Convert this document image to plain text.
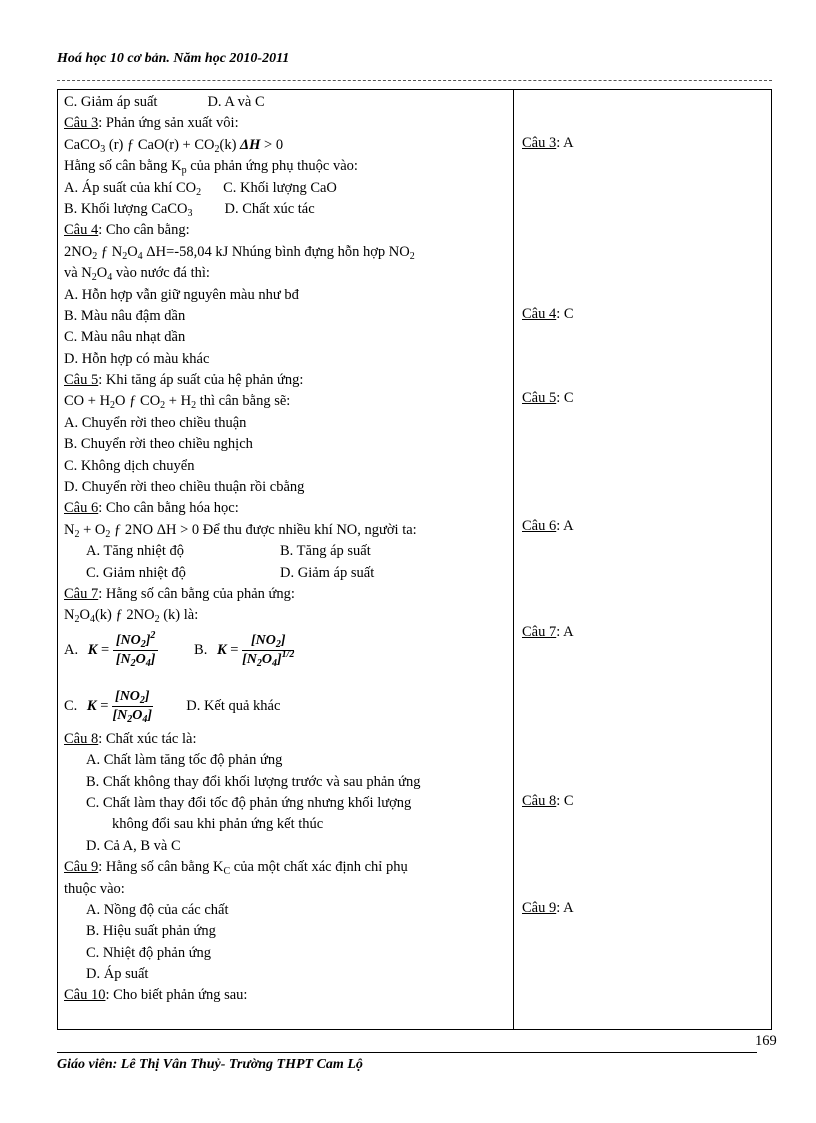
Hoá học 10 cơ bản. Năm học 2010-2011
C. Giảm áp suất	D. A và C
Câu 3: Phản ứng sản xuất vôi:
CaCO$_3$ (r) ƒ $CaO(r) + CO_2(k) \Delta H > 0$
Hằng số cân bằng $K_p$ của phản ứng phụ thuộc vào:
A. Áp suất của khí $CO_2$ C. Khối lượng CaO
B. Khối lượng CaCO$_3$ D. Chất xúc tác
Câu 4: Cho cân bằng:
$2NO_2$ ƒ $N_2O_4$ ΔH=-58,04 kJ Nhúng bình đựng hỗn hợp $NO_2$
và $N_2O_4$ vào nước đá thì:
A. Hỗn hợp vẫn giữ nguyên màu như bđ
B. Màu nâu đậm dần
C. Màu nâu nhạt dần
D. Hỗn hợp có màu khác
Câu 5: Khi tăng áp suất của hệ phản ứng:
CO + $H_2O$ ƒ $CO_2 + H_2$ thì cân bằng sẽ:
A. Chuyển rời theo chiều thuận
B. Chuyển rời theo chiều nghịch
C. Không dịch chuyển
D. Chuyển rời theo chiều thuận rồi cbằng
Câu 6: Cho cân bằng hóa học:
$N_2 + O_2$ ƒ 2NO ΔH > 0 Để thu được nhiều khí NO, người ta:
A. Tăng nhiệt độ	B. Tăng áp suất
C. Giảm nhiệt độ	D. Giảm áp suất
Câu 7: Hằng số cân bằng của phản ứng:
$N_2O_4(k)$ ƒ $2NO_2$ (k) là:
A. $K = \frac{[NO_2]^2}{[N_2O_4]} B$. $K = \frac{[NO_2]}{[N_2O_4]^{1/2}}$
C. $K = \frac{[NO_2]}{[N_2O_4]} D$. Kết quả khác
Câu 8: Chất xúc tác là:
A. Chất làm tăng tốc độ phản ứng
B. Chất không thay đổi khối lượng trước và sau phản ứng
C. Chất làm thay đổi tốc độ phản ứng nhưng khối lượng
không đổi sau khi phản ứng kết thúc
D. Cả A, B và C
Câu 9: Hằng số cân bằng $K_C$ của một chất xác định chỉ phụ
thuộc vào:
A. Nồng độ của các chất
B. Hiệu suất phản ứng
C. Nhiệt độ phản ứng
D. Áp suất
Câu 10: Cho biết phản ứng sau:
Câu 3: A
Câu 4: C
Câu 5: C
Câu 6: A
Câu 7: A
Câu 8: C
Câu 9: A
169
Giáo viên: Lê Thị Vân Thuỷ- Trường THPT Cam Lộ
